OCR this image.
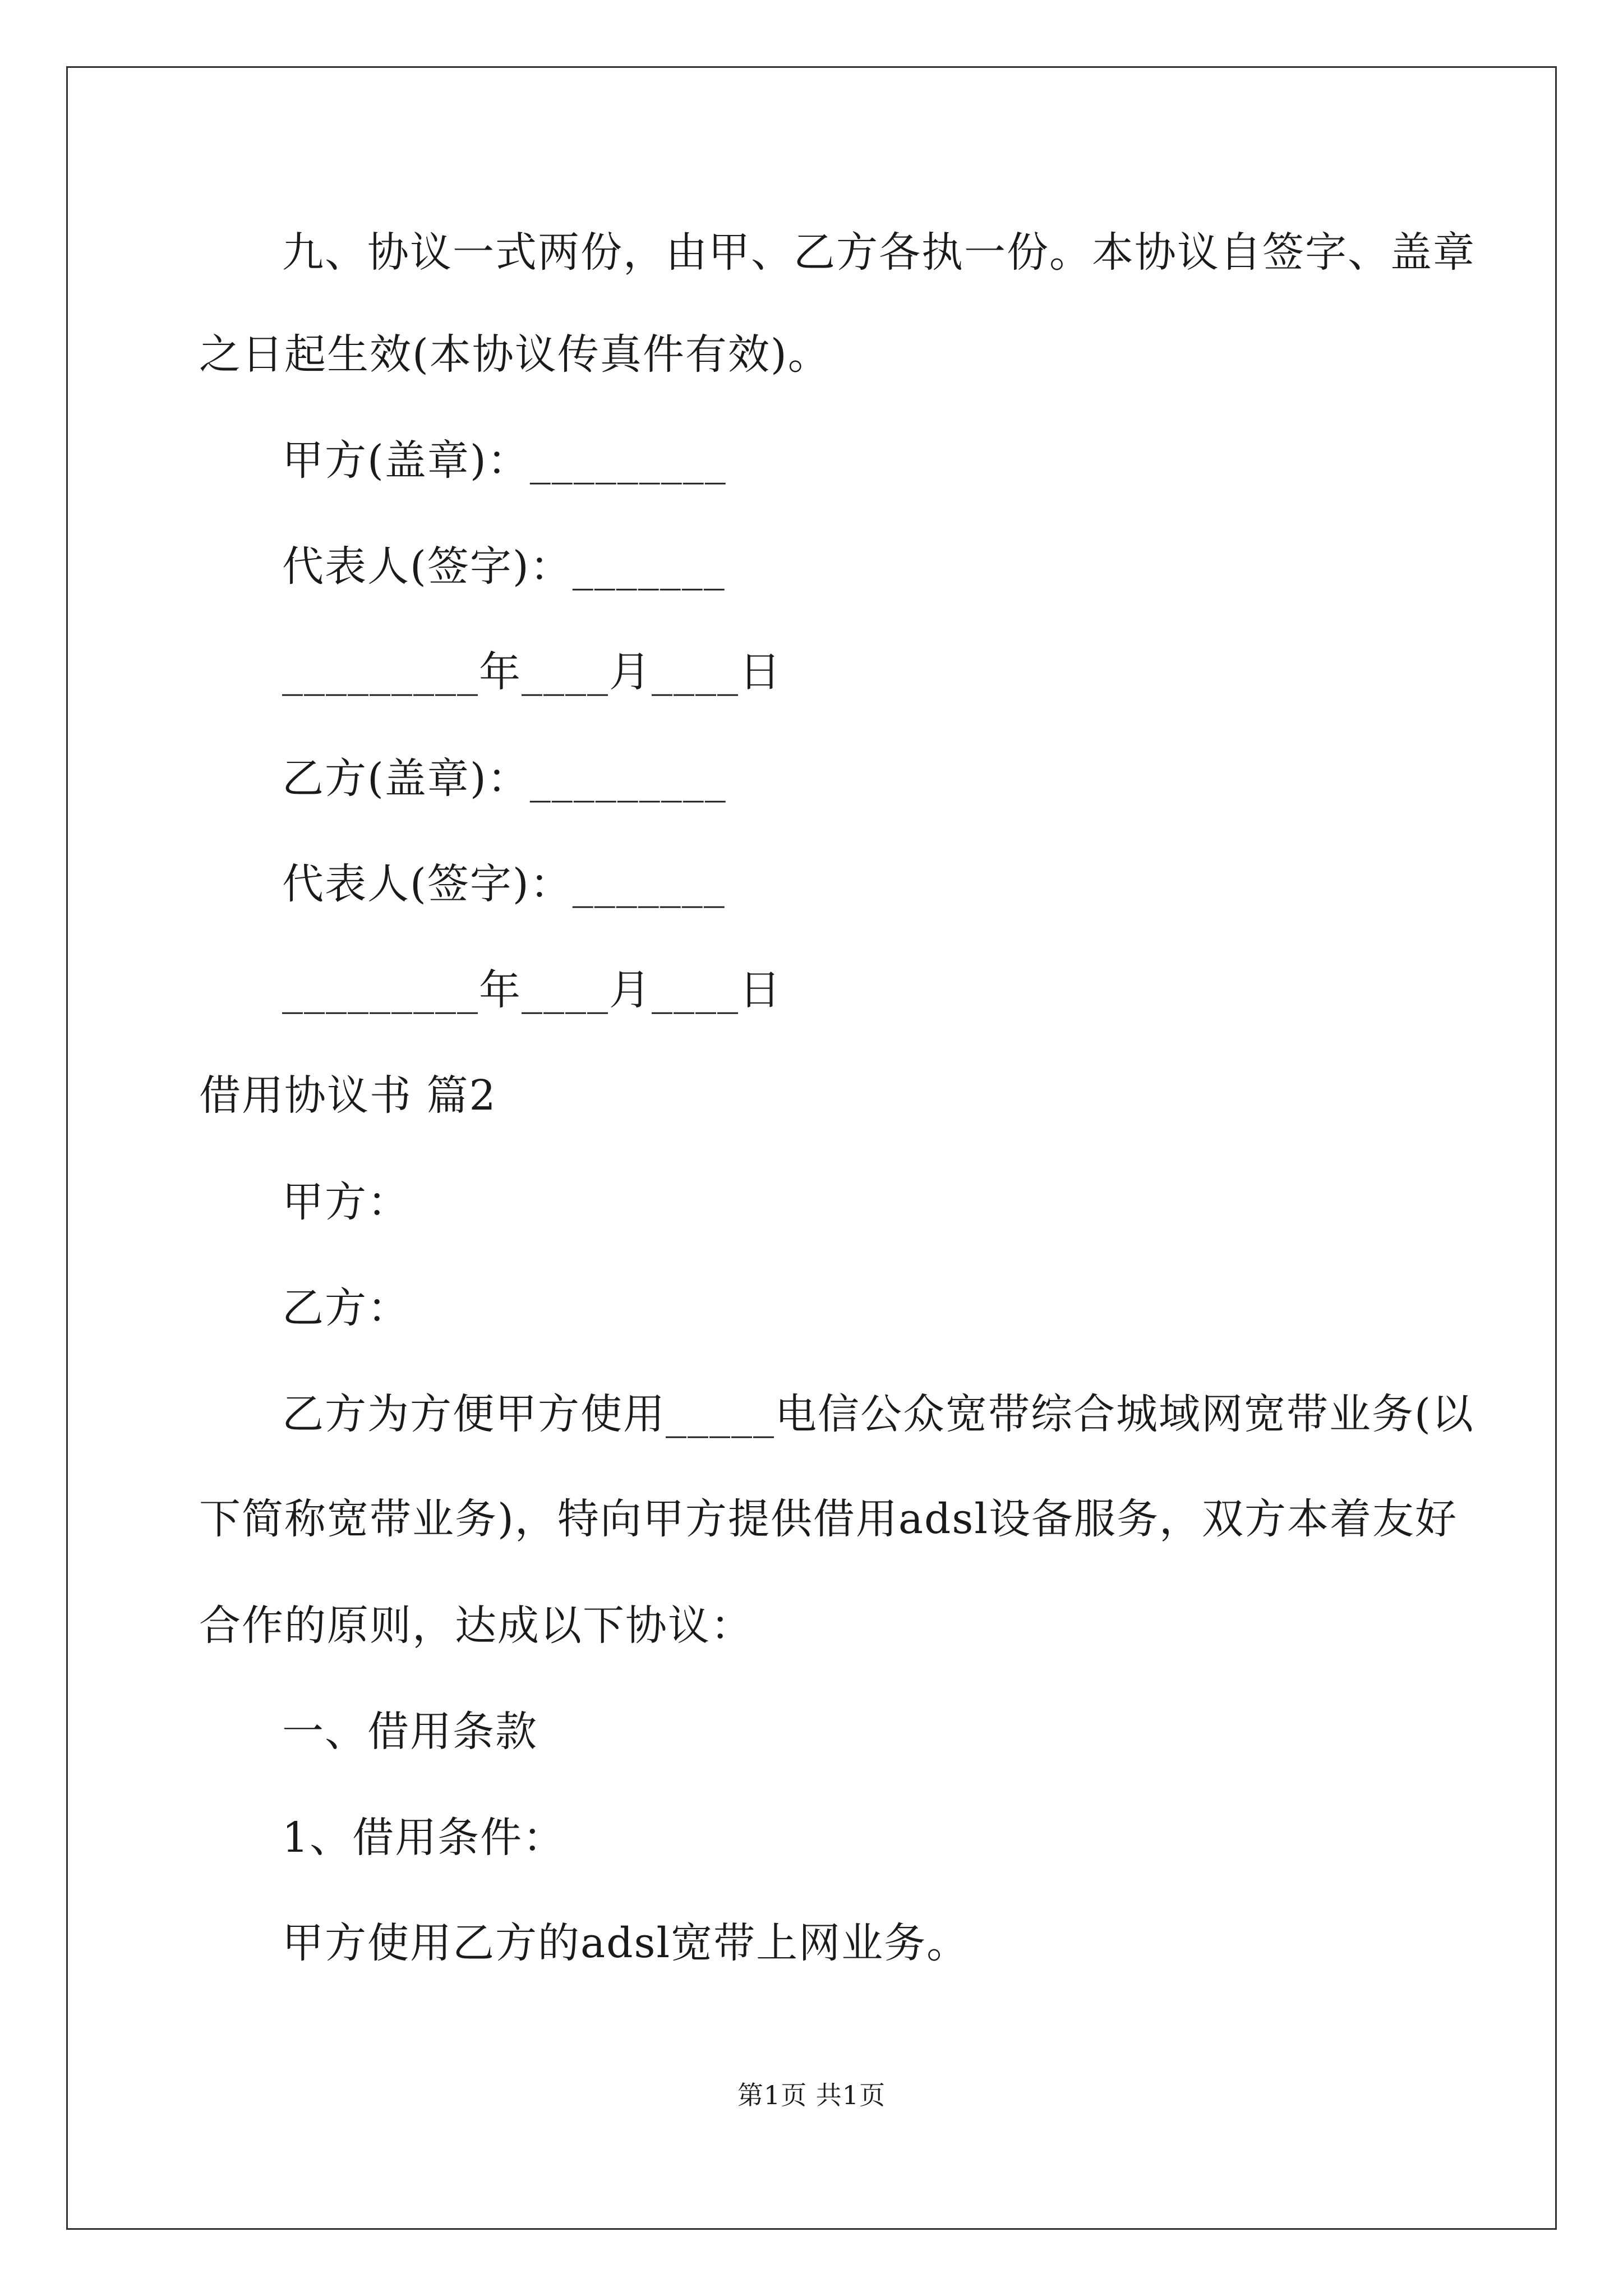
九、协议一式两份，由甲、乙方各执一份。本协议自签字、盖章
之日起生效(本协议传真件有效)。
甲方(盖章)：_________
代表人(签字)：_______
_________年____月____日
乙方(盖章)：_________
代表人(签字)：_______
_________年____月____日
借用协议书 篇2
甲方：
乙方：
乙方为方便甲方使用_____电信公众宽带综合城域网宽带业务(以
下简称宽带业务)，特向甲方提供借用adsl设备服务，双方本着友好
合作的原则，达成以下协议：
一、借用条款
1、借用条件：
甲方使用乙方的adsl宽带上网业务。
第1页 共1页
